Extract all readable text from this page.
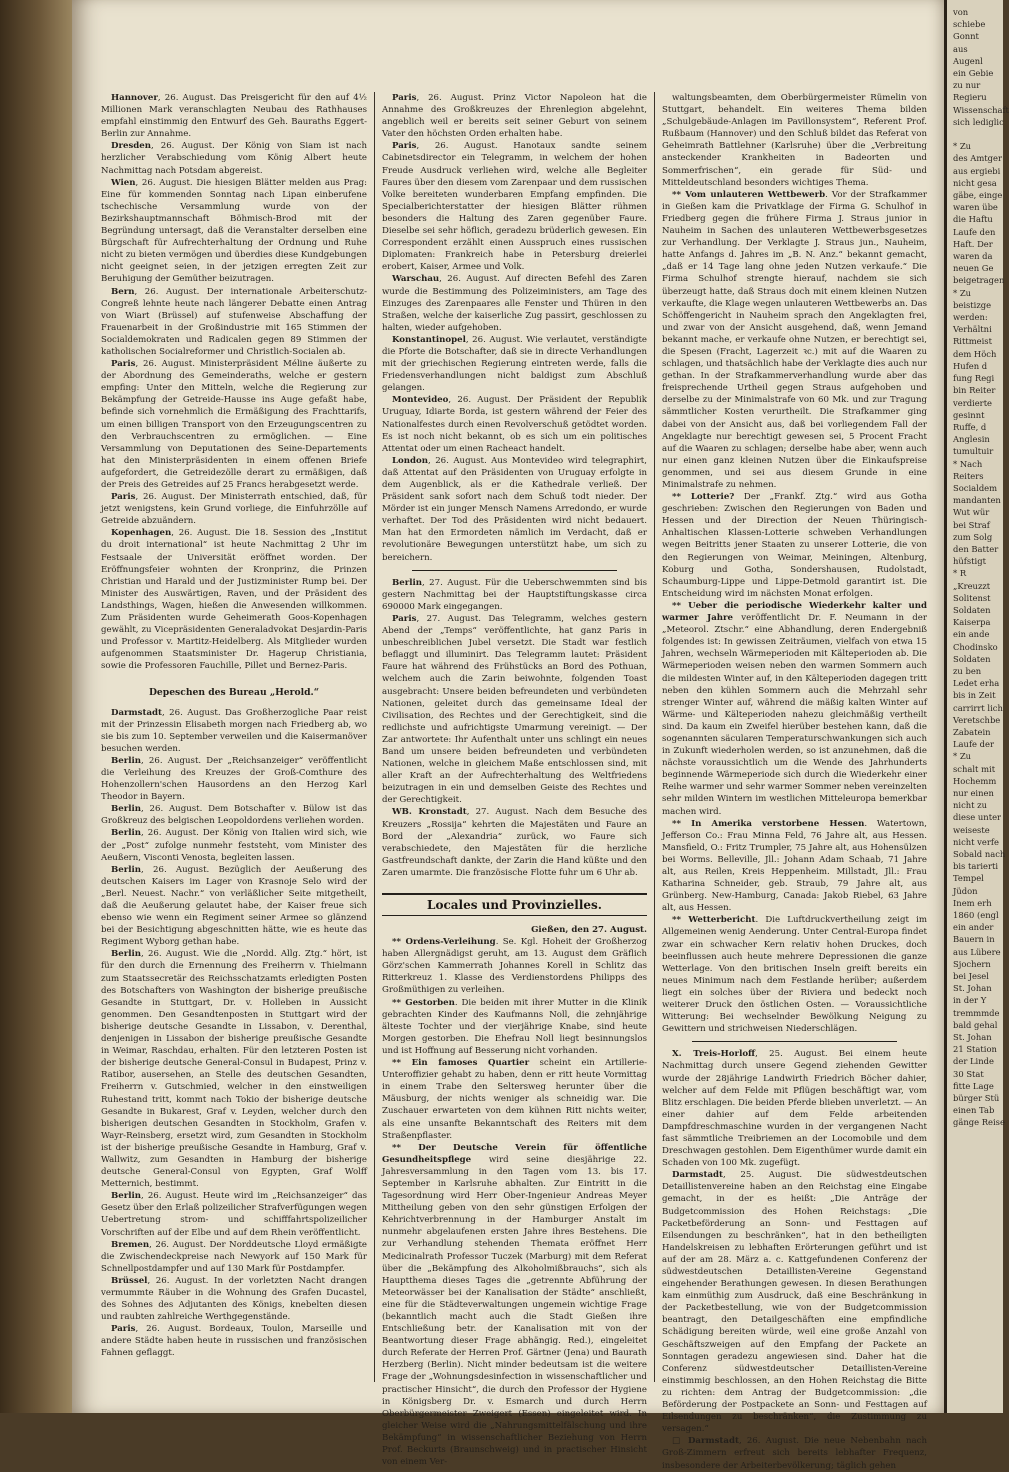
Hannover, 26. August. Das Preisgericht für den auf 4½ Millionen Mark veranschlagten Neubau des Rathhauses empfahl einstimmig den Entwurf des Geh. Bauraths Eggert-Berlin zur Annahme.

Dresden, 26. August. Der König von Siam ist nach herzlicher Verabschiedung vom König Albert heute Nachmittag nach Potsdam abgereist.

Wien, 26. August. Die hiesigen Blätter melden aus Prag: Eine für kommenden Sonntag nach Lipan einberufene tschechische Versammlung wurde von der Bezirkshauptmannschaft Böhmisch-Brod mit der Begründung untersagt, daß die Veranstalter derselben eine Bürgschaft für Aufrechterhaltung der Ordnung und Ruhe nicht zu bieten vermögen und überdies diese Kundgebungen nicht geeignet seien, in der jetzigen erregten Zeit zur Beruhigung der Gemüther beizutragen.

Bern, 26. August. Der internationale Arbeiterschutz-Congreß lehnte heute nach längerer Debatte einen Antrag von Wiart (Brüssel) auf stufenweise Abschaffung der Frauenarbeit in der Großindustrie mit 165 Stimmen der Socialdemokraten und Radicalen gegen 89 Stimmen der katholischen Socialreformer und Christlich-Socialen ab.

Paris, 26. August. Ministerpräsident Méline äußerte zu der Abordnung des Gemeinderaths, welche er gestern empfing: Unter den Mitteln, welche die Regierung zur Bekämpfung der Getreide-Hausse ins Auge gefaßt habe, befinde sich vornehmlich die Ermäßigung des Frachttarifs, um einen billigen Transport von den Erzeugungscentren zu den Verbrauchscentren zu ermöglichen. — Eine Versammlung von Deputationen des Seine-Departements hat den Ministerpräsidenten in einem offenen Briefe aufgefordert, die Getreidezölle derart zu ermäßigen, daß der Preis des Getreides auf 25 Francs herabgesetzt werde.

Paris, 26. August. Der Ministerrath entschied, daß, für jetzt wenigstens, kein Grund vorliege, die Einfuhrzölle auf Getreide abzuändern.

Kopenhagen, 26. August. Die 18. Session des „Institut du droit international“ ist heute Nachmittag 2 Uhr im Festsaale der Universität eröffnet worden. Der Eröffnungsfeier wohnten der Kronprinz, die Prinzen Christian und Harald und der Justizminister Rump bei. Der Minister des Auswärtigen, Raven, und der Präsident des Landsthings, Wagen, hießen die Anwesenden willkommen. Zum Präsidenten wurde Geheimerath Goos-Kopenhagen gewählt, zu Vicepräsidenten Generaladvokat Desjardin-Paris und Professor v. Martitz-Heidelberg. Als Mitglieder wurden aufgenommen Staatsminister Dr. Hagerup Christiania, sowie die Professoren Fauchille, Pillet und Bernez-Paris.

Depeschen des Bureau „Herold.“

Darmstadt, 26. August. Das Großherzogliche Paar reist mit der Prinzessin Elisabeth morgen nach Friedberg ab, wo sie bis zum 10. September verweilen und die Kaisermanöver besuchen werden.

Berlin, 26. August. Der „Reichsanzeiger“ veröffentlicht die Verleihung des Kreuzes der Groß-Comthure des Hohenzollern'schen Hausordens an den Herzog Karl Theodor in Bayern.

Berlin, 26. August. Dem Botschafter v. Bülow ist das Großkreuz des belgischen Leopoldordens verliehen worden.

Berlin, 26. August. Der König von Italien wird sich, wie der „Post“ zufolge nunmehr feststeht, vom Minister des Aeußern, Visconti Venosta, begleiten lassen.

Berlin, 26. August. Bezüglich der Aeußerung des deutschen Kaisers im Lager von Krasnoje Selo wird der „Berl. Neuest. Nachr.“ von verläßlicher Seite mitgetheilt, daß die Aeußerung gelautet habe, der Kaiser freue sich ebenso wie wenn ein Regiment seiner Armee so glänzend bei der Besichtigung abgeschnitten hätte, wie es heute das Regiment Wyborg gethan habe.

Berlin, 26. August. Wie die „Nordd. Allg. Ztg.“ hört, ist für den durch die Ernennung des Freiherrn v. Thielmann zum Staatssecretär des Reichsschatzamts erledigten Posten des Botschafters von Washington der bisherige preußische Gesandte in Stuttgart, Dr. v. Holleben in Aussicht genommen. Den Gesandtenposten in Stuttgart wird der bisherige deutsche Gesandte in Lissabon, v. Derenthal, denjenigen in Lissabon der bisherige preußische Gesandte in Weimar, Raschdau, erhalten. Für den letzteren Posten ist der bisherige deutsche General-Consul in Budapest, Prinz v. Ratibor, ausersehen, an Stelle des deutschen Gesandten, Freiherrn v. Gutschmied, welcher in den einstweiligen Ruhestand tritt, kommt nach Tokio der bisherige deutsche Gesandte in Bukarest, Graf v. Leyden, welcher durch den bisherigen deutschen Gesandten in Stockholm, Grafen v. Wayr-Reinsberg, ersetzt wird, zum Gesandten in Stockholm ist der bisherige preußische Gesandte in Hamburg, Graf v. Wallwitz, zum Gesandten in Hamburg der bisherige deutsche General-Consul von Egypten, Graf Wolff Metternich, bestimmt.

Berlin, 26. August. Heute wird im „Reichsanzeiger“ das Gesetz über den Erlaß polizeilicher Strafverfügungen wegen Uebertretung strom- und schifffahrtspolizeilicher Vorschriften auf der Elbe und auf dem Rhein veröffentlicht.

Bremen, 26. August. Der Norddeutsche Lloyd ermäßigte die Zwischendeckpreise nach Newyork auf 150 Mark für Schnellpostdampfer und auf 130 Mark für Postdampfer.

Brüssel, 26. August. In der vorletzten Nacht drangen vermummte Räuber in die Wohnung des Grafen Ducastel, des Sohnes des Adjutanten des Königs, knebelten diesen und raubten zahlreiche Werthgegenstände.

Paris, 26. August. Bordeaux, Toulon, Marseille und andere Städte haben heute in russischen und französischen Fahnen geflaggt.

Paris, 26. August. Prinz Victor Napoleon hat die Annahme des Großkreuzes der Ehrenlegion abgelehnt, angeblich weil er bereits seit seiner Geburt von seinem Vater den höchsten Orden erhalten habe.

Paris, 26. August. Hanotaux sandte seinem Cabinetsdirector ein Telegramm, in welchem der hohen Freude Ausdruck verliehen wird, welche alle Begleiter Faures über den diesem vom Zarenpaar und dem russischen Volke bereiteten wunderbaren Empfang empfinden. Die Specialberichterstatter der hiesigen Blätter rühmen besonders die Haltung des Zaren gegenüber Faure. Dieselbe sei sehr höflich, geradezu brüderlich gewesen. Ein Correspondent erzählt einen Ausspruch eines russischen Diplomaten: Frankreich habe in Petersburg dreierlei erobert, Kaiser, Armee und Volk.

Warschau, 26. August. Auf directen Befehl des Zaren wurde die Bestimmung des Polizeiministers, am Tage des Einzuges des Zarenpaares alle Fenster und Thüren in den Straßen, welche der kaiserliche Zug passirt, geschlossen zu halten, wieder aufgehoben.

Konstantinopel, 26. August. Wie verlautet, verständigte die Pforte die Botschafter, daß sie in directe Verhandlungen mit der griechischen Regierung eintreten werde, falls die Friedensverhandlungen nicht baldigst zum Abschluß gelangen.

Montevideo, 26. August. Der Präsident der Republik Uruguay, Idiarte Borda, ist gestern während der Feier des Nationalfestes durch einen Revolverschuß getödtet worden. Es ist noch nicht bekannt, ob es sich um ein politisches Attentat oder um einen Racheact handelt.

London, 26. August. Aus Montevideo wird telegraphirt, daß Attentat auf den Präsidenten von Uruguay erfolgte in dem Augenblick, als er die Kathedrale verließ. Der Präsident sank sofort nach dem Schuß todt nieder. Der Mörder ist ein junger Mensch Namens Arredondo, er wurde verhaftet. Der Tod des Präsidenten wird nicht bedauert. Man hat den Ermordeten nämlich im Verdacht, daß er revolutionäre Bewegungen unterstützt habe, um sich zu bereichern.

Berlin, 27. August. Für die Ueberschwemmten sind bis gestern Nachmittag bei der Hauptstiftungskasse circa 690000 Mark eingegangen.

Paris, 27. August. Das Telegramm, welches gestern Abend der „Temps“ veröffentlichte, hat ganz Paris in unbeschreiblichen Jubel versetzt. Die Stadt war festlich beflaggt und illuminirt. Das Telegramm lautet: Präsident Faure hat während des Frühstücks an Bord des Pothuan, welchem auch die Zarin beiwohnte, folgenden Toast ausgebracht: Unsere beiden befreundeten und verbündeten Nationen, geleitet durch das gemeinsame Ideal der Civilisation, des Rechtes und der Gerechtigkeit, sind die redlichste und aufrichtigste Umarmung vereinigt. — Der Zar antwortete: Ihr Aufenthalt unter uns schlingt ein neues Band um unsere beiden befreundeten und verbündeten Nationen, welche in gleichem Maße entschlossen sind, mit aller Kraft an der Aufrechterhaltung des Weltfriedens beizutragen in ein und demselben Geiste des Rechtes und der Gerechtigkeit.

WB. Kronstadt, 27. August. Nach dem Besuche des Kreuzers „Rossija“ kehrten die Majestäten und Faure an Bord der „Alexandria“ zurück, wo Faure sich verabschiedete, den Majestäten für die herzliche Gastfreundschaft dankte, der Zarin die Hand küßte und den Zaren umarmte. Die französische Flotte fuhr um 6 Uhr ab.

Locales und Provinzielles.

Gießen, den 27. August.

** Ordens-Verleihung. Se. Kgl. Hoheit der Großherzog haben Allergnädigst geruht, am 13. August dem Gräflich Görz'schen Kammerrath Johannes Korell in Schlitz das Ritterkreuz 1. Klasse des Verdienstordens Philipps des Großmüthigen zu verleihen.

** Gestorben. Die beiden mit ihrer Mutter in die Klinik gebrachten Kinder des Kaufmanns Noll, die zehnjährige älteste Tochter und der vierjährige Knabe, sind heute Morgen gestorben. Die Ehefrau Noll liegt besinnungslos und ist Hoffnung auf Besserung nicht vorhanden.

** Ein famoses Quartier scheint ein Artillerie-Unteroffizier gehabt zu haben, denn er ritt heute Vormittag in einem Trabe den Seltersweg herunter über die Mäusburg, der nichts weniger als schneidig war. Die Zuschauer erwarteten von dem kühnen Ritt nichts weiter, als eine unsanfte Bekanntschaft des Reiters mit dem Straßenpflaster.

** Der Deutsche Verein für öffentliche Gesundheitspflege wird seine diesjährige 22. Jahresversammlung in den Tagen vom 13. bis 17. September in Karlsruhe abhalten. Zur Eintritt in die Tagesordnung wird Herr Ober-Ingenieur Andreas Meyer Mittheilung geben von den sehr günstigen Erfolgen der Kehrichtverbrennung in der Hamburger Anstalt im nunmehr abgelaufenen ersten Jahre ihres Bestehens. Die zur Verhandlung stehenden Themata eröffnet Herr Medicinalrath Professor Tuczek (Marburg) mit dem Referat über die „Bekämpfung des Alkoholmißbrauchs“, sich als Hauptthema dieses Tages die „getrennte Abführung der Meteorwässer bei der Kanalisation der Städte“ anschließt, eine für die Städteverwaltungen ungemein wichtige Frage (bekanntlich macht auch die Stadt Gießen ihre Entschließung betr. der Kanalisation mit von der Beantwortung dieser Frage abhängig. Red.), eingeleitet durch Referate der Herren Prof. Gärtner (Jena) und Baurath Herzberg (Berlin). Nicht minder bedeutsam ist die weitere Frage der „Wohnungsdesinfection in wissenschaftlicher und practischer Hinsicht“, die durch den Professor der Hygiene in Königsberg Dr. v. Esmarch und durch Herrn Oberbürgermeister Zweigert (Essen) eingeleitet wird. In gleicher Weise wird die „Nahrungsmittelfälschung und ihre Bekämpfung“ in wissenschaftlicher Beziehung von Herrn Prof. Beckurts (Braunschweig) und in practischer Hinsicht von einem Ver-

waltungsbeamten, dem Oberbürgermeister Rümelin von Stuttgart, behandelt. Ein weiteres Thema bilden „Schulgebäude-Anlagen im Pavillonsystem“, Referent Prof. Rußbaum (Hannover) und den Schluß bildet das Referat von Geheimrath Battlehner (Karlsruhe) über die „Verbreitung ansteckender Krankheiten in Badeorten und Sommerfrischen“, ein gerade für Süd- und Mitteldeutschland besonders wichtiges Thema.

** Vom unlauteren Wettbewerb. Vor der Strafkammer in Gießen kam die Privatklage der Firma G. Schulhof in Friedberg gegen die frühere Firma J. Straus junior in Nauheim in Sachen des unlauteren Wettbewerbsgesetzes zur Verhandlung. Der Verklagte J. Straus jun., Nauheim, hatte Anfangs d. Jahres im „B. N. Anz.“ bekannt gemacht, „daß er 14 Tage lang ohne jeden Nutzen verkaufe.“ Die Firma Schulhof strengte hierauf, nachdem sie sich überzeugt hatte, daß Straus doch mit einem kleinen Nutzen verkaufte, die Klage wegen unlauteren Wettbewerbs an. Das Schöffengericht in Nauheim sprach den Angeklagten frei, und zwar von der Ansicht ausgehend, daß, wenn Jemand bekannt mache, er verkaufe ohne Nutzen, er berechtigt sei, die Spesen (Fracht, Lagerzeit ꝛc.) mit auf die Waaren zu schlagen, und thatsächlich habe der Verklagte dies auch nur gethan. In der Strafkammerverhandlung wurde aber das freisprechende Urtheil gegen Straus aufgehoben und derselbe zu der Minimalstrafe von 60 Mk. und zur Tragung sämmtlicher Kosten verurtheilt. Die Strafkammer ging dabei von der Ansicht aus, daß bei vorliegendem Fall der Angeklagte nur berechtigt gewesen sei, 5 Procent Fracht auf die Waaren zu schlagen; derselbe habe aber, wenn auch nur einen ganz kleinen Nutzen über die Einkaufspreise genommen, und sei aus diesem Grunde in eine Minimalstrafe zu nehmen.

** Lotterie? Der „Frankf. Ztg.“ wird aus Gotha geschrieben: Zwischen den Regierungen von Baden und Hessen und der Direction der Neuen Thüringisch-Anhaltischen Klassen-Lotterie schweben Verhandlungen wegen Beitritts jener Staaten zu unserer Lotterie, die von den Regierungen von Weimar, Meiningen, Altenburg, Koburg und Gotha, Sondershausen, Rudolstadt, Schaumburg-Lippe und Lippe-Detmold garantirt ist. Die Entscheidung wird im nächsten Monat erfolgen.

** Ueber die periodische Wiederkehr kalter und warmer Jahre veröffentlicht Dr. F. Neumann in der „Meteorol. Ztschr.“ eine Abhandlung, deren Endergebniß folgendes ist: In gewissen Zeiträumen, vielfach von etwa 15 Jahren, wechseln Wärmeperioden mit Kälteperioden ab. Die Wärmeperioden weisen neben den warmen Sommern auch die mildesten Winter auf, in den Kälteperioden dagegen tritt neben den kühlen Sommern auch die Mehrzahl sehr strenger Winter auf, während die mäßig kalten Winter auf Wärme- und Kälteperioden nahezu gleichmäßig vertheilt sind. Da kaum ein Zweifel hierüber bestehen kann, daß die sogenannten säcularen Temperaturschwankungen sich auch in Zukunft wiederholen werden, so ist anzunehmen, daß die nächste voraussichtlich um die Wende des Jahrhunderts beginnende Wärmeperiode sich durch die Wiederkehr einer Reihe warmer und sehr warmer Sommer neben vereinzelten sehr milden Wintern im westlichen Mitteleuropa bemerkbar machen wird.

** In Amerika verstorbene Hessen. Watertown, Jefferson Co.: Frau Minna Feld, 76 Jahre alt, aus Hessen. Mansfield, O.: Fritz Trumpler, 75 Jahre alt, aus Hohensülzen bei Worms. Belleville, Jll.: Johann Adam Schaab, 71 Jahre alt, aus Reilen, Kreis Heppenheim. Millstadt, Jll.: Frau Katharina Schneider, geb. Straub, 79 Jahre alt, aus Grünberg. New-Hamburg, Canada: Jakob Riebel, 63 Jahre alt, aus Hessen.

** Wetterbericht. Die Luftdruckvertheilung zeigt im Allgemeinen wenig Aenderung. Unter Central-Europa findet zwar ein schwacher Kern relativ hohen Druckes, doch beeinflussen auch heute mehrere Depressionen die ganze Wetterlage. Von den britischen Inseln greift bereits ein neues Minimum nach dem Festlande herüber; außerdem liegt ein solches über der Riviera und bedeckt noch weiterer Druck den östlichen Osten. — Voraussichtliche Witterung: Bei wechselnder Bewölkung Neigung zu Gewittern und strichweisen Niederschlägen.

X. Treis-Horloff, 25. August. Bei einem heute Nachmittag durch unsere Gegend ziehenden Gewitter wurde der 28jährige Landwirth Friedrich Böcher dahier, welcher auf dem Felde mit Pflügen beschäftigt war, vom Blitz erschlagen. Die beiden Pferde blieben unverletzt. — An einer dahier auf dem Felde arbeitenden Dampfdreschmaschine wurden in der vergangenen Nacht fast sämmtliche Treibriemen an der Locomobile und dem Dreschwagen gestohlen. Dem Eigenthümer wurde damit ein Schaden von 100 Mk. zugefügt.

Darmstadt, 25. August. Die südwestdeutschen Detaillistenvereine haben an den Reichstag eine Eingabe gemacht, in der es heißt: „Die Anträge der Budgetcommission des Hohen Reichstags: „Die Packetbeförderung an Sonn- und Festtagen auf Eilsendungen zu beschränken“, hat in den betheiligten Handelskreisen zu lebhaften Erörterungen geführt und ist auf der am 28. März a. c. Kattgefundenen Conferenz der südwestdeutschen Detaillisten-Vereine Gegenstand eingehender Berathungen gewesen. In diesen Berathungen kam einmüthig zum Ausdruck, daß eine Beschränkung in der Packetbestellung, wie von der Budgetcommission beantragt, den Detailgeschäften eine empfindliche Schädigung bereiten würde, weil eine große Anzahl von Geschäftszweigen auf den Empfang der Packete an Sonntagen geradezu angewiesen sind. Daher hat die Conferenz südwestdeutscher Detaillisten-Vereine einstimmig beschlossen, an den Hohen Reichstag die Bitte zu richten: dem Antrag der Budgetcommission: „die Beförderung der Postpackete an Sonn- und Festtagen auf Eilsendungen zu beschränken“, die Zustimmung zu versagen.“

□ Darmstadt, 26. August. Die neue Nebenbahn nach Groß-Zimmern erfreut sich bereits lebhafter Frequenz, insbesondere der Arbeiterbevölkerung; täglich gehen

von
schiebe
Gonnt
aus
Augenl
ein Gebie
zu nur
Regieru
Wissenschaft
sich lediglic

* Zu
des Amtger
aus ergiebi
nicht gesa
gäbe, einge
waren übe
die Haftu
Laufe den
Haft. Der
waren da
neuen Ge
beigetragen
* Zu
beistizge
werden:
Verhältni
Rittmeist
dem Höch
Hufen d
fung Regi
bin Reiter
verdierte
gesinnt
Ruffe, d
Anglesin
tumultuir
* Nach
Reiters
Socialdem
mandanten
Wut wür
bei Straf
zum Solg
den Batter
hüfstigt
* R
„Kreuzzt
Solitenst
Soldaten
Kaiserpa
ein ande
Chodinsko
Soldaten
zu ben
Ledet erha
bis in Zeit
carrirrt lich
Veretschbe
Zabatein
Laufe der
* Zu
schalt mit
Hochemm
nur einen
nicht zu
diese unter
weiseste
nicht verfe
Sobald nach
bis tarierti
Tempel
Jüdon
Inem erh
1860 (engl
ein ander
Bauern in
aus Lübere
Sjochern
bei Jesel
St. Johan
in der Y
tremmmde
bald gehal
St. Johan
21 Station
der Linde
30 Stat
fitte Lage
bürger Stü
einen Tab
gänge Reise
